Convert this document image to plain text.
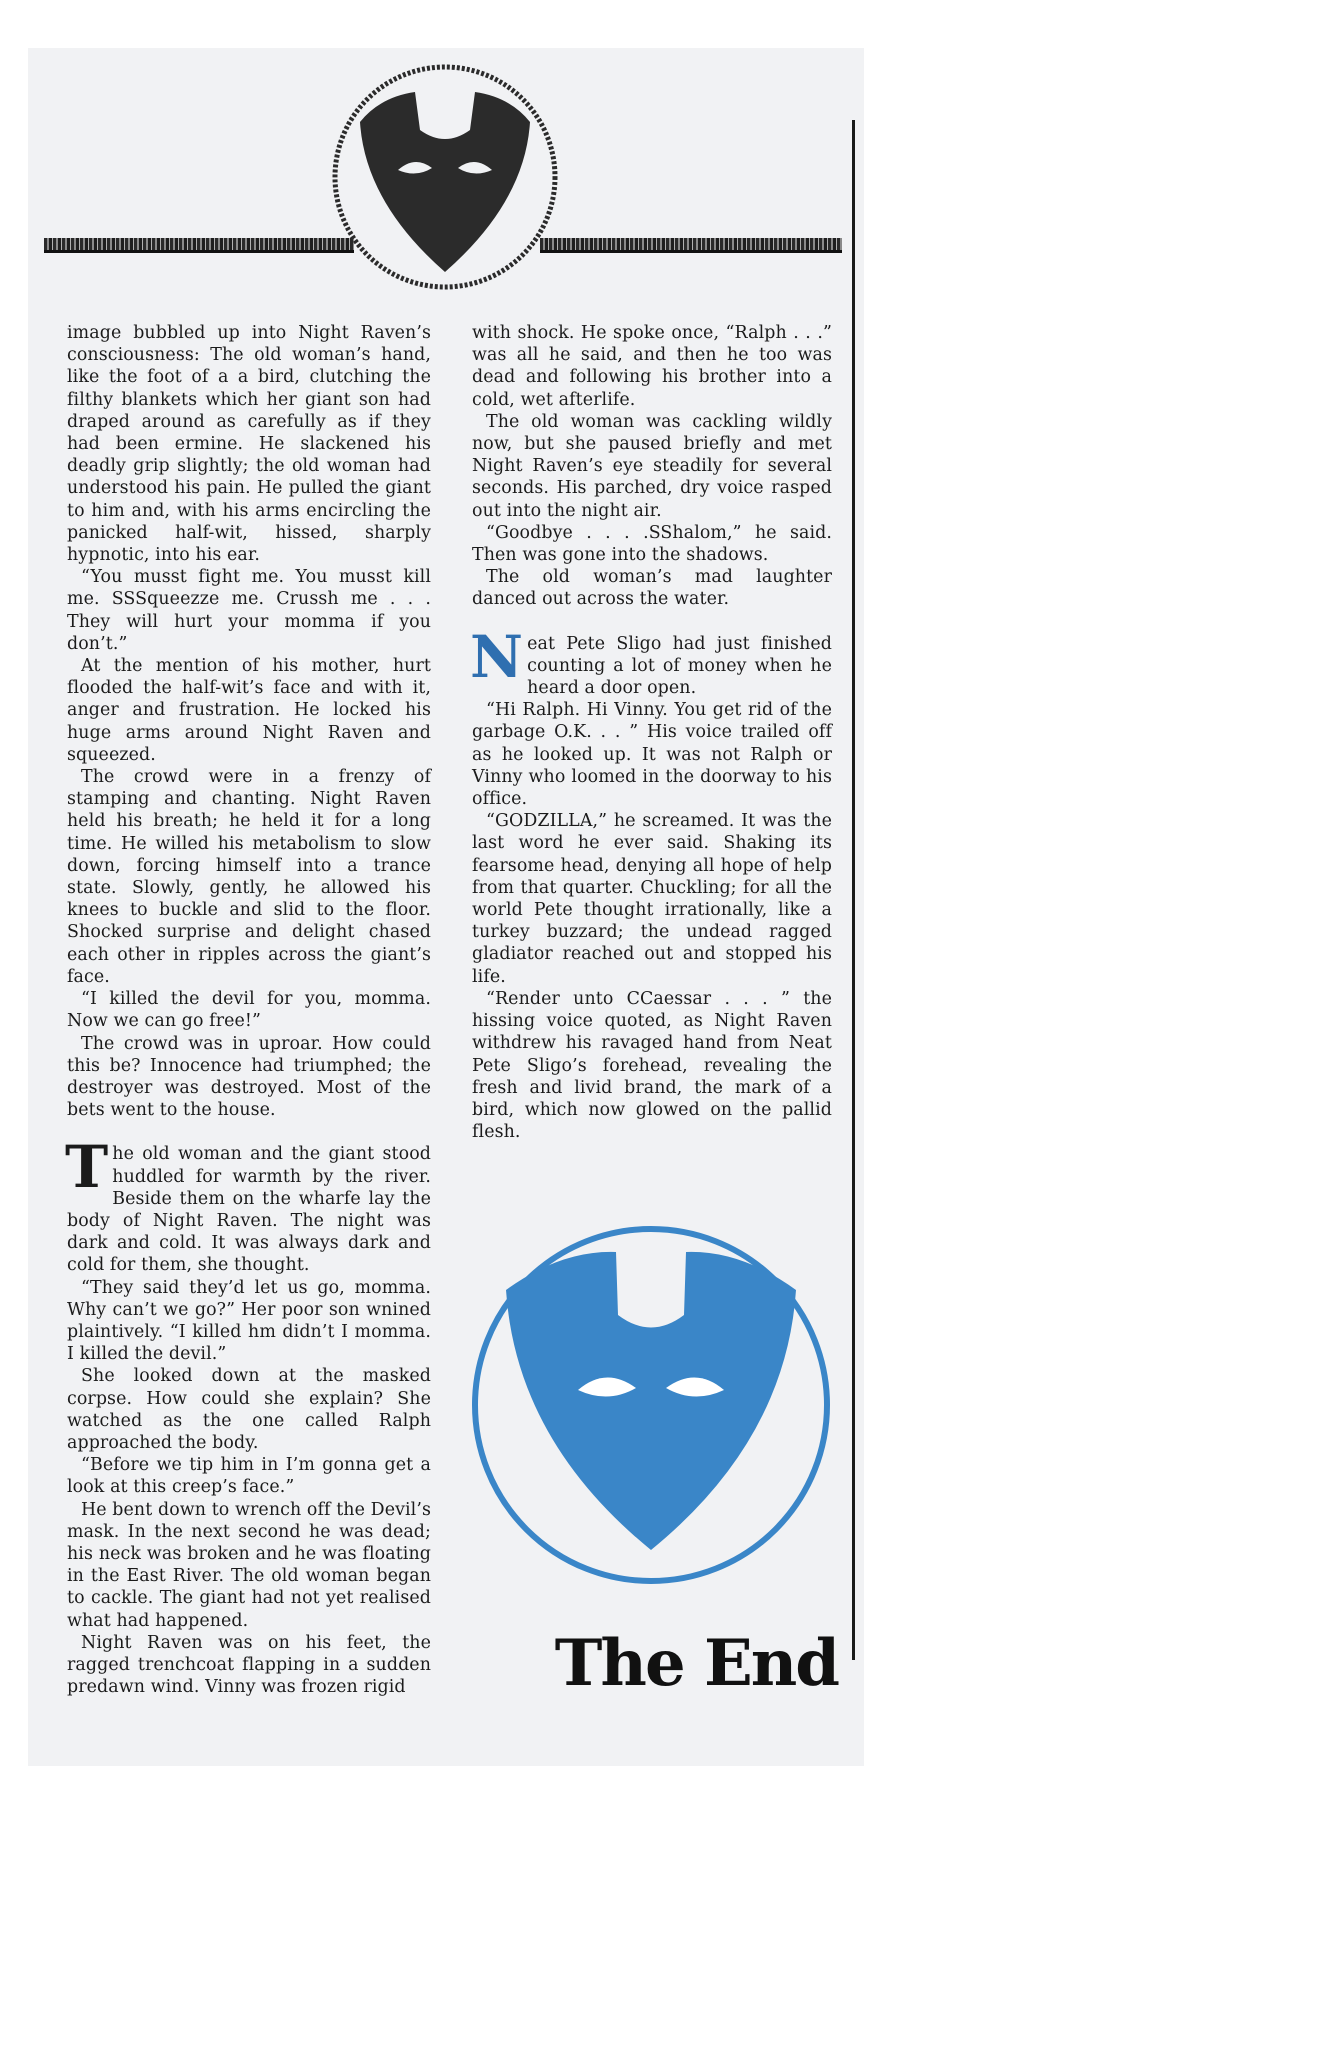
image bubbled up into Night Raven’s consciousness: The old woman’s hand, like the foot of a a bird, clutching the filthy blankets which her giant son had draped around as carefully as if they had been ermine. He slackened his deadly grip slightly; the old woman had understood his pain. He pulled the giant to him and, with his arms encircling the panicked half-wit, hissed, sharply hypnotic, into his ear.

“You musst fight me. You musst kill me. SSSqueezze me. Crussh me . . . They will hurt your momma if you don’t.”

At the mention of his mother, hurt flooded the half-wit’s face and with it, anger and frustration. He locked his huge arms around Night Raven and squeezed.

The crowd were in a frenzy of stamping and chanting. Night Raven held his breath; he held it for a long time. He willed his metabolism to slow down, forcing himself into a trance state. Slowly, gently, he allowed his knees to buckle and slid to the floor. Shocked surprise and delight chased each other in ripples across the giant’s face.

“I killed the devil for you, momma. Now we can go free!”

The crowd was in uproar. How could this be? Innocence had triumphed; the destroyer was destroyed. Most of the bets went to the house.

T he old woman and the giant stood huddled for warmth by the river. Beside them on the wharfe lay the body of Night Raven. The night was dark and cold. It was always dark and cold for them, she thought.

“They said they’d let us go, momma. Why can’t we go?” Her poor son wnined plaintively. “I killed hm didn’t I momma. I killed the devil.”

She looked down at the masked corpse. How could she explain? She watched as the one called Ralph approached the body.

“Before we tip him in I’m gonna get a look at this creep’s face.”

He bent down to wrench off the Devil’s mask. In the next second he was dead; his neck was broken and he was floating in the East River. The old woman began to cackle. The giant had not yet realised what had happened.

Night Raven was on his feet, the ragged trenchcoat flapping in a sudden predawn wind. Vinny was frozen rigid

with shock. He spoke once, “Ralph . . .” was all he said, and then he too was dead and following his brother into a cold, wet afterlife.

The old woman was cackling wildly now, but she paused briefly and met Night Raven’s eye steadily for several seconds. His parched, dry voice rasped out into the night air.

“Goodbye . . . .SShalom,” he said. Then was gone into the shadows.

The old woman’s mad laughter danced out across the water.

N eat Pete Sligo had just finished counting a lot of money when he heard a door open.

“Hi Ralph. Hi Vinny. You get rid of the garbage O.K. . . ” His voice trailed off as he looked up. It was not Ralph or Vinny who loomed in the doorway to his office.

“GODZILLA,” he screamed. It was the last word he ever said. Shaking its fearsome head, denying all hope of help from that quarter. Chuckling; for all the world Pete thought irrationally, like a turkey buzzard; the undead ragged gladiator reached out and stopped his life.

“Render unto CCaessar . . . ” the hissing voice quoted, as Night Raven withdrew his ravaged hand from Neat Pete Sligo’s forehead, revealing the fresh and livid brand, the mark of a bird, which now glowed on the pallid flesh.

The End
